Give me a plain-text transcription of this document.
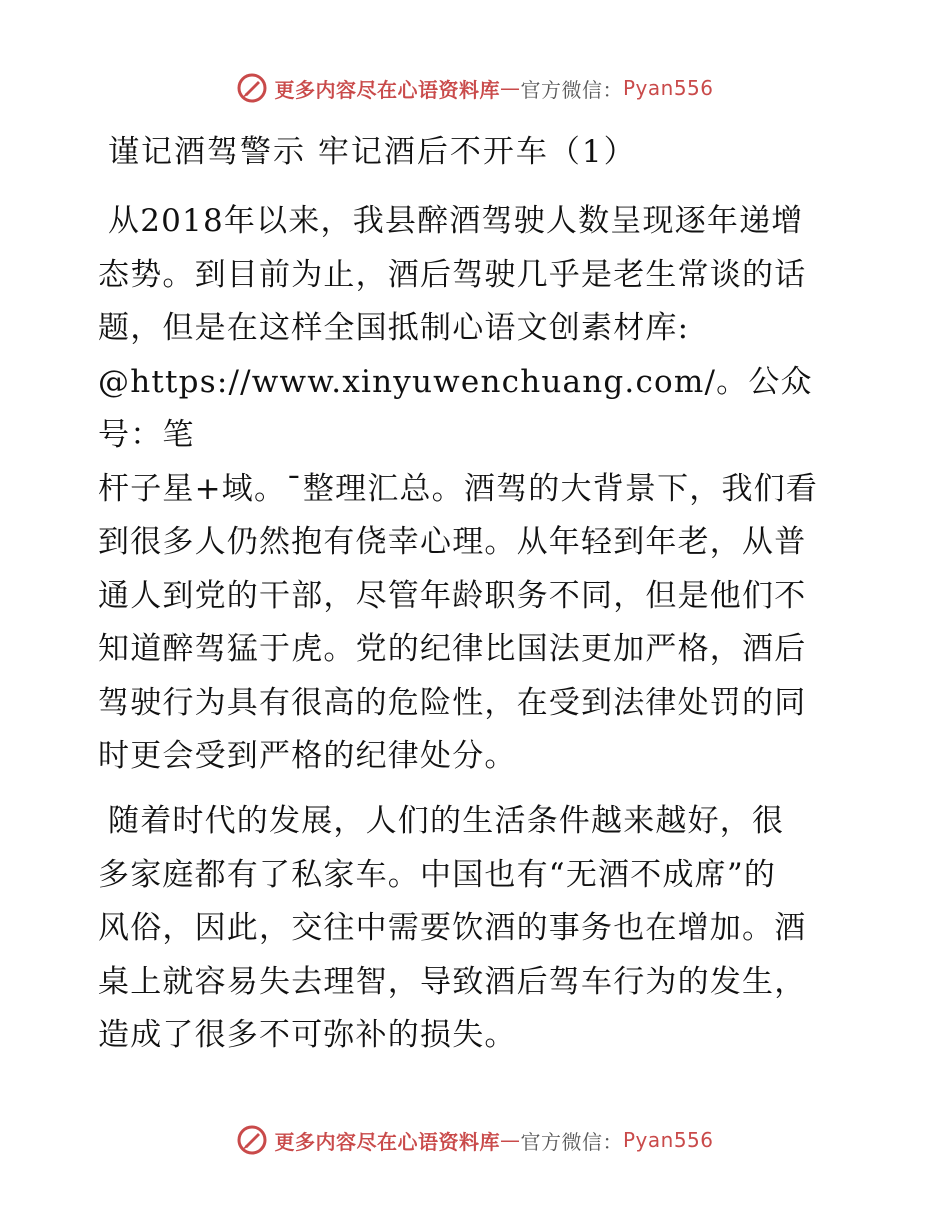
更多内容尽在心语资料库 — 官方微信： Pyan556
谨记酒驾警示 牢记酒后不开车（1）
从2018年以来，我县醉酒驾驶人数呈现逐年递增
态势。到目前为止，酒后驾驶几乎是老生常谈的话
题，但是在这样全国抵制心语文创素材库:
@https://www.xinyuwenchuang.com/。公众号：笔
杆子星+域。¯整理汇总。酒驾的大背景下，我们看
到很多人仍然抱有侥幸心理。从年轻到年老，从普
通人到党的干部，尽管年龄职务不同，但是他们不
知道醉驾猛于虎。党的纪律比国法更加严格，酒后
驾驶行为具有很高的危险性，在受到法律处罚的同
时更会受到严格的纪律处分。
随着时代的发展，人们的生活条件越来越好，很
多家庭都有了私家车。中国也有“无酒不成席”的
风俗，因此，交往中需要饮酒的事务也在增加。酒
桌上就容易失去理智，导致酒后驾车行为的发生，
造成了很多不可弥补的损失。
更多内容尽在心语资料库 — 官方微信： Pyan556
